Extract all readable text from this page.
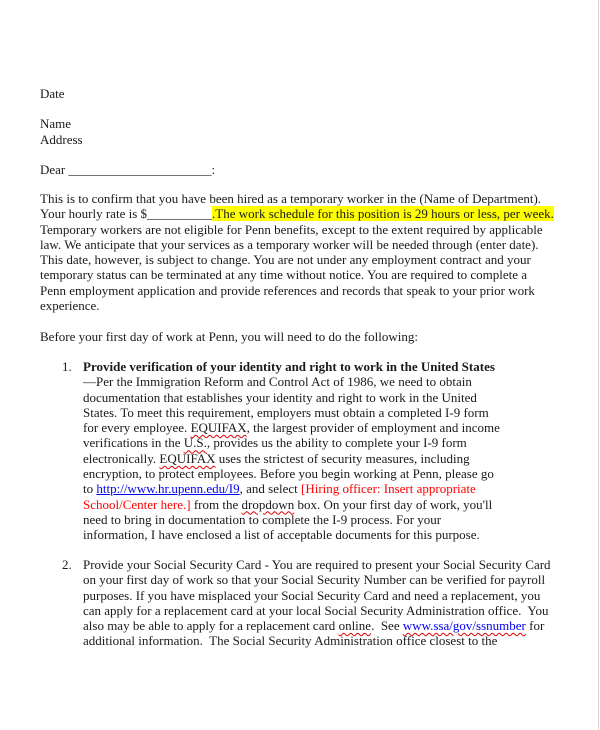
Date
Name
Address
Dear ______________________:
This is to confirm that you have been hired as a temporary worker in the (Name of Department).
Your hourly rate is $__________.The work schedule for this position is 29 hours or less, per week.
Temporary workers are not eligible for Penn benefits, except to the extent required by applicable
law. We anticipate that your services as a temporary worker will be needed through (enter date).
This date, however, is subject to change. You are not under any employment contract and your
temporary status can be terminated at any time without notice. You are required to complete a
Penn employment application and provide references and records that speak to your prior work
experience.
Before your first day of work at Penn, you will need to do the following:
1. Provide verification of your identity and right to work in the United States
—Per the Immigration Reform and Control Act of 1986, we need to obtain
documentation that establishes your identity and right to work in the United
States. To meet this requirement, employers must obtain a completed I-9 form
for every employee. EQUIFAX, the largest provider of employment and income
verifications in the U.S., provides us the ability to complete your I-9 form
electronically. EQUIFAX uses the strictest of security measures, including
encryption, to protect employees. Before you begin working at Penn, please go
to http://www.hr.upenn.edu/I9, and select [Hiring officer: Insert appropriate
School/Center here.] from the dropdown box. On your first day of work, you'll
need to bring in documentation to complete the I-9 process. For your
information, I have enclosed a list of acceptable documents for this purpose.
2. Provide your Social Security Card - You are required to present your Social Security Card
on your first day of work so that your Social Security Number can be verified for payroll
purposes. If you have misplaced your Social Security Card and need a replacement, you
can apply for a replacement card at your local Social Security Administration office.  You
also may be able to apply for a replacement card online.  See www.ssa/gov/ssnumber for
additional information.  The Social Security Administration office closest to the
